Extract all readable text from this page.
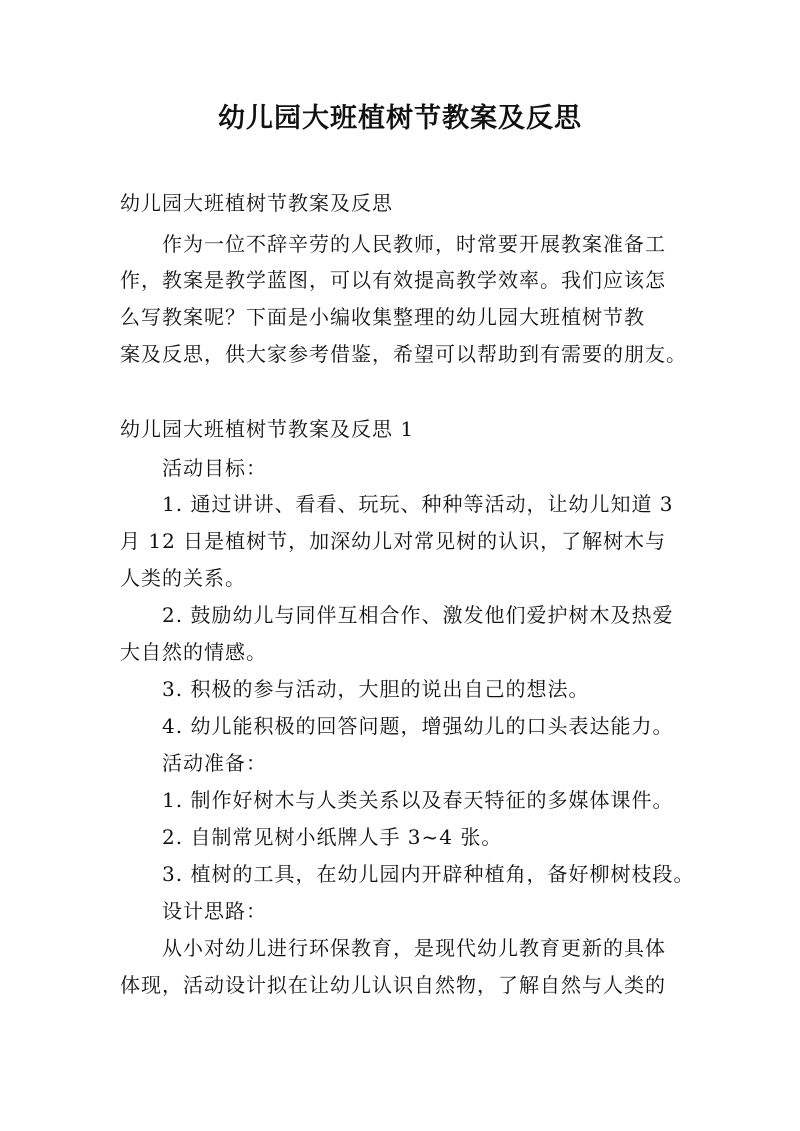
幼儿园大班植树节教案及反思
幼儿园大班植树节教案及反思
作为一位不辞辛劳的人民教师，时常要开展教案准备工
作，教案是教学蓝图，可以有效提高教学效率。我们应该怎
么写教案呢？下面是小编收集整理的幼儿园大班植树节教
案及反思，供大家参考借鉴，希望可以帮助到有需要的朋友。
幼儿园大班植树节教案及反思 1
活动目标：
1. 通过讲讲、看看、玩玩、种种等活动，让幼儿知道 3
月 12 日是植树节，加深幼儿对常见树的认识，了解树木与
人类的关系。
2. 鼓励幼儿与同伴互相合作、激发他们爱护树木及热爱
大自然的情感。
3. 积极的参与活动，大胆的说出自己的想法。
4. 幼儿能积极的回答问题，增强幼儿的口头表达能力。
活动准备：
1. 制作好树木与人类关系以及春天特征的多媒体课件。
2. 自制常见树小纸牌人手 3~4 张。
3. 植树的工具，在幼儿园内开辟种植角，备好柳树枝段。
设计思路：
从小对幼儿进行环保教育，是现代幼儿教育更新的具体
体现，活动设计拟在让幼儿认识自然物，了解自然与人类的
